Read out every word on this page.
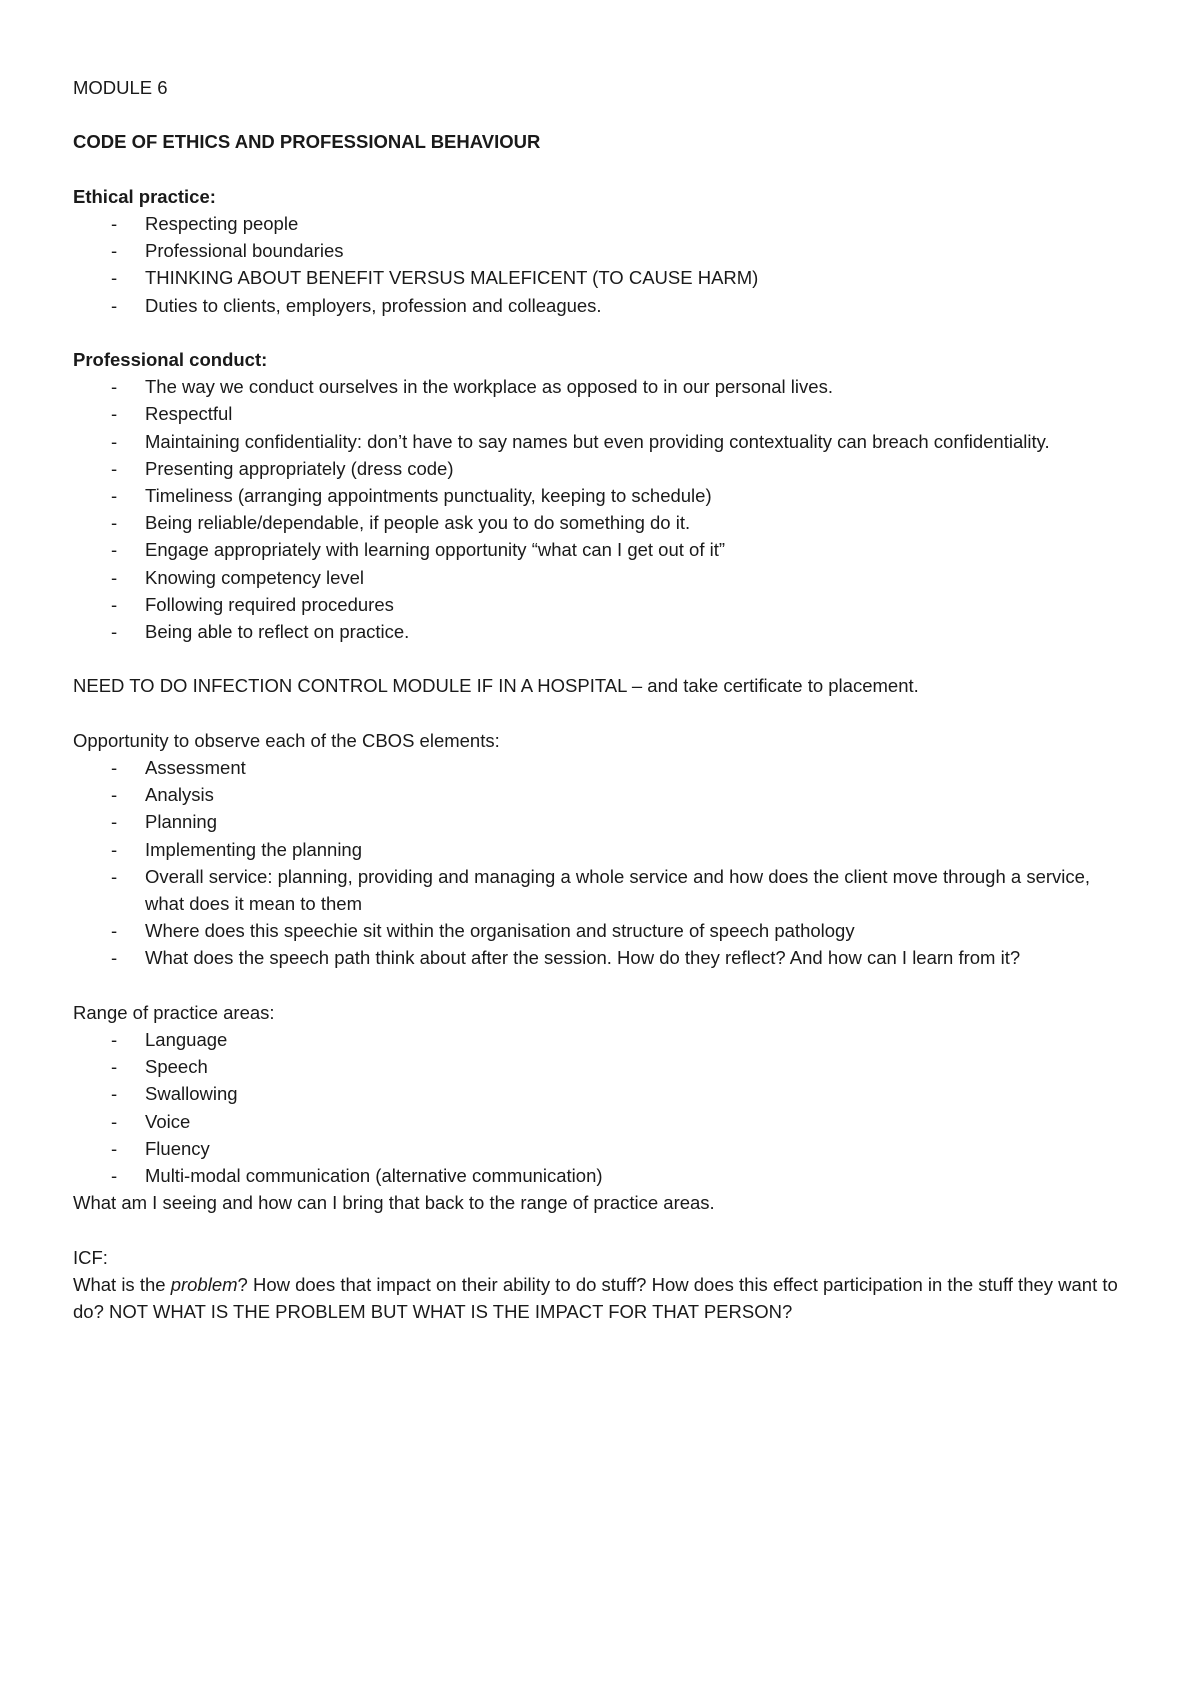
MODULE 6

CODE OF ETHICS AND PROFESSIONAL BEHAVIOUR

Ethical practice:

- Respecting people
- Professional boundaries
- THINKING ABOUT BENEFIT VERSUS MALEFICENT (TO CAUSE HARM)
- Duties to clients, employers, profession and colleagues.

Professional conduct:

- The way we conduct ourselves in the workplace as opposed to in our personal lives.
- Respectful
- Maintaining confidentiality: don’t have to say names but even providing contextuality can breach confidentiality.
- Presenting appropriately (dress code)
- Timeliness (arranging appointments punctuality, keeping to schedule)
- Being reliable/dependable, if people ask you to do something do it.
- Engage appropriately with learning opportunity “what can I get out of it”
- Knowing competency level
- Following required procedures
- Being able to reflect on practice.

NEED TO DO INFECTION CONTROL MODULE IF IN A HOSPITAL – and take certificate to placement.

Opportunity to observe each of the CBOS elements:

- Assessment
- Analysis
- Planning
- Implementing the planning
- Overall service: planning, providing and managing a whole service and how does the client move through a service, what does it mean to them
- Where does this speechie sit within the organisation and structure of speech pathology
- What does the speech path think about after the session. How do they reflect? And how can I learn from it?

Range of practice areas:

- Language
- Speech
- Swallowing
- Voice
- Fluency
- Multi-modal communication (alternative communication)

What am I seeing and how can I bring that back to the range of practice areas.

ICF:

What is the problem? How does that impact on their ability to do stuff? How does this effect participation in the stuff they want to do? NOT WHAT IS THE PROBLEM BUT WHAT IS THE IMPACT FOR THAT PERSON?
